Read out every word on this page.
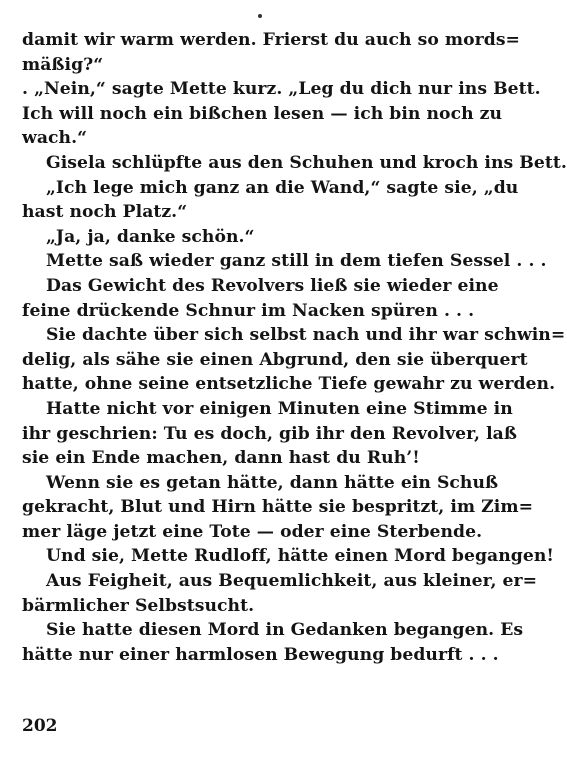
damit wir warm werden. Frierst du auch so mords=
mäßig?“
. „Nein,“ sagte Mette kurz. „Leg du dich nur ins Bett.
Ich will noch ein bißchen lesen — ich bin noch zu
wach.“
Gisela schlüpfte aus den Schuhen und kroch ins Bett.
„Ich lege mich ganz an die Wand,“ sagte sie, „du
hast noch Platz.“
„Ja, ja, danke schön.“
Mette saß wieder ganz still in dem tiefen Sessel . . .
Das Gewicht des Revolvers ließ sie wieder eine
feine drückende Schnur im Nacken spüren . . .
Sie dachte über sich selbst nach und ihr war schwin=
delig, als sähe sie einen Abgrund, den sie überquert
hatte, ohne seine entsetzliche Tiefe gewahr zu werden.
Hatte nicht vor einigen Minuten eine Stimme in
ihr geschrien: Tu es doch, gib ihr den Revolver, laß
sie ein Ende machen, dann hast du Ruh’!
Wenn sie es getan hätte, dann hätte ein Schuß
gekracht, Blut und Hirn hätte sie bespritzt, im Zim=
mer läge jetzt eine Tote — oder eine Sterbende.
Und sie, Mette Rudloff, hätte einen Mord begangen!
Aus Feigheit, aus Bequemlichkeit, aus kleiner, er=
bärmlicher Selbstsucht.
Sie hatte diesen Mord in Gedanken begangen. Es
hätte nur einer harmlosen Bewegung bedurft . . .
202
